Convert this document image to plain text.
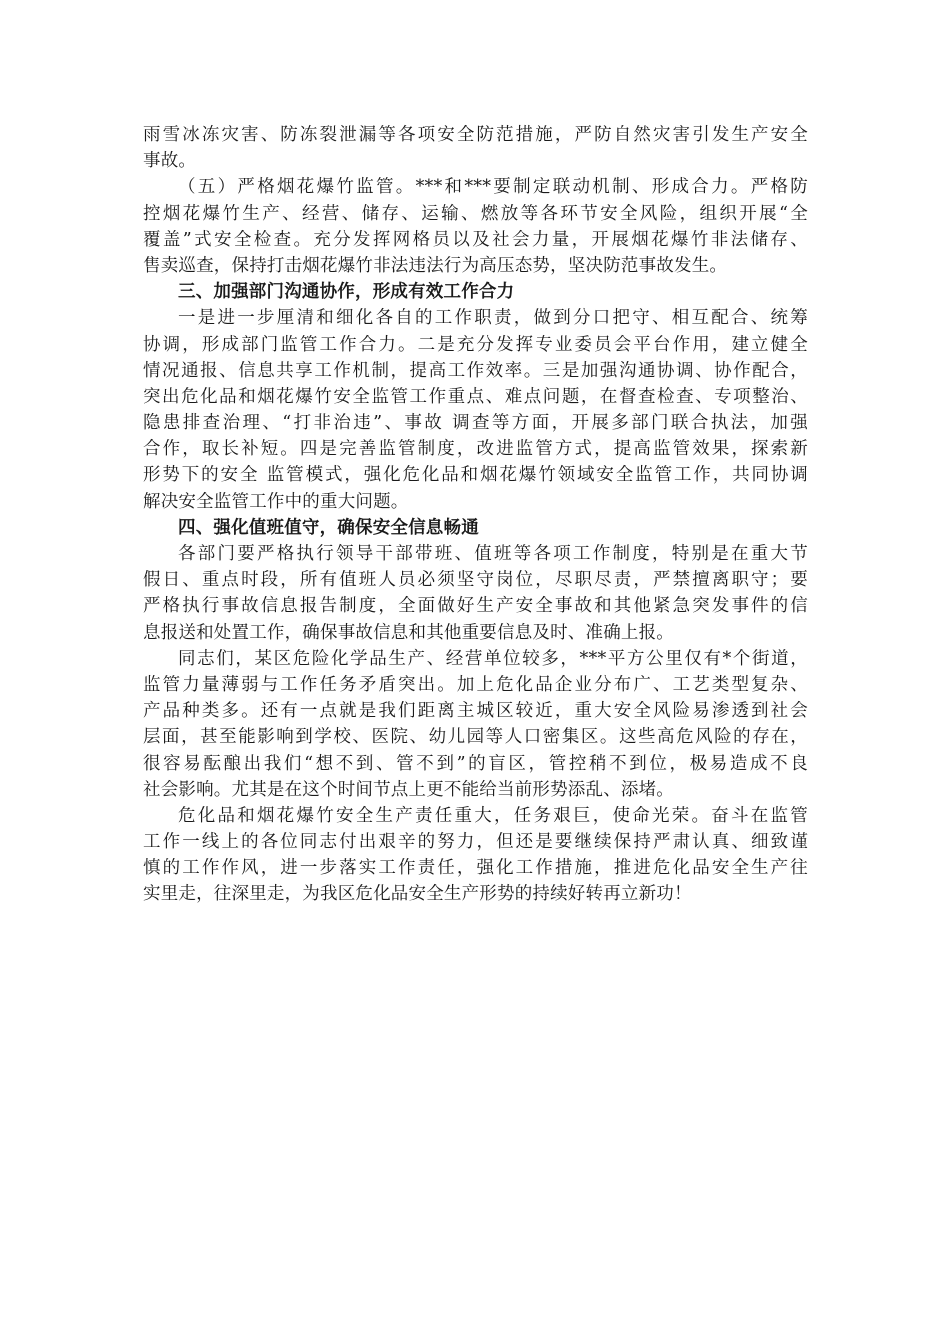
雨雪冰冻灾害、防冻裂泄漏等各项安全防范措施，严防自然灾害引发生产安全
事故。
（五）严格烟花爆竹监管。***和***要制定联动机制、形成合力。严格防
控烟花爆竹生产、经营、储存、运输、燃放等各环节安全风险，组织开展“全
覆盖”式安全检查。充分发挥网格员以及社会力量，开展烟花爆竹非法储存、
售卖巡查，保持打击烟花爆竹非法违法行为高压态势，坚决防范事故发生。
三、加强部门沟通协作，形成有效工作合力
一是进一步厘清和细化各自的工作职责，做到分口把守、相互配合、统筹
协调，形成部门监管工作合力。二是充分发挥专业委员会平台作用，建立健全
情况通报、信息共享工作机制，提高工作效率。三是加强沟通协调、协作配合，
突出危化品和烟花爆竹安全监管工作重点、难点问题，在督查检查、专项整治、
隐患排查治理、“打非治违”、事故 调查等方面，开展多部门联合执法，加强
合作，取长补短。四是完善监管制度，改进监管方式，提高监管效果，探索新
形势下的安全 监管模式，强化危化品和烟花爆竹领域安全监管工作，共同协调
解决安全监管工作中的重大问题。
四、强化值班值守，确保安全信息畅通
各部门要严格执行领导干部带班、值班等各项工作制度，特别是在重大节
假日、重点时段，所有值班人员必须坚守岗位，尽职尽责，严禁擅离职守；要
严格执行事故信息报告制度，全面做好生产安全事故和其他紧急突发事件的信
息报送和处置工作，确保事故信息和其他重要信息及时、准确上报。
同志们，某区危险化学品生产、经营单位较多，***平方公里仅有*个街道，
监管力量薄弱与工作任务矛盾突出。加上危化品企业分布广、工艺类型复杂、
产品种类多。还有一点就是我们距离主城区较近，重大安全风险易渗透到社会
层面，甚至能影响到学校、医院、幼儿园等人口密集区。这些高危风险的存在，
很容易酝酿出我们“想不到、管不到”的盲区，管控稍不到位，极易造成不良
社会影响。尤其是在这个时间节点上更不能给当前形势添乱、添堵。
危化品和烟花爆竹安全生产责任重大，任务艰巨，使命光荣。奋斗在监管
工作一线上的各位同志付出艰辛的努力，但还是要继续保持严肃认真、细致谨
慎的工作作风，进一步落实工作责任，强化工作措施，推进危化品安全生产往
实里走，往深里走，为我区危化品安全生产形势的持续好转再立新功！
